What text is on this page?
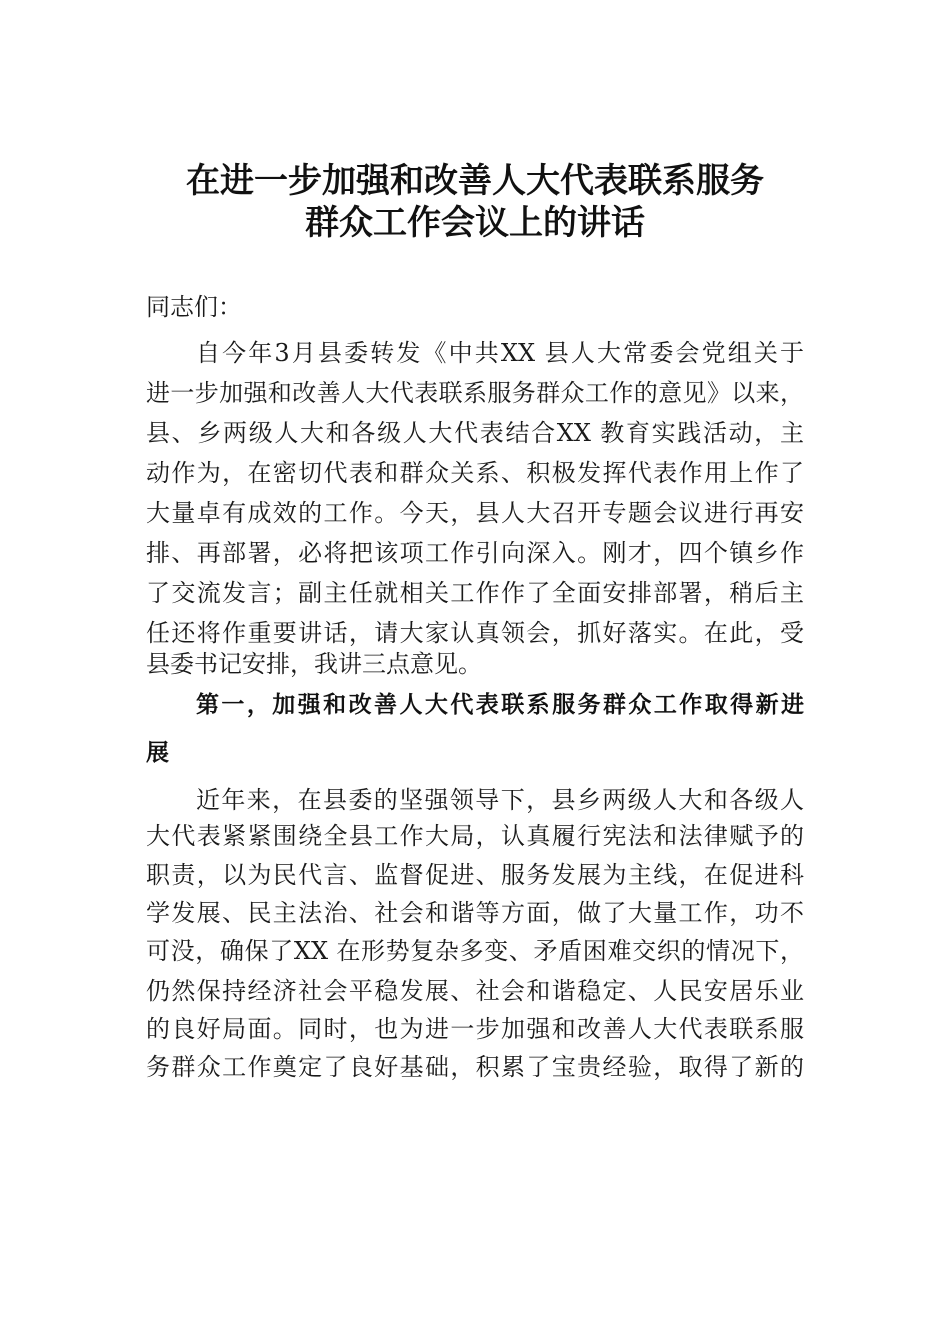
在进一步加强和改善人大代表联系服务
群众工作会议上的讲话
同志们：
自今年3月县委转发《中共XX 县人大常委会党组关于
进一步加强和改善人大代表联系服务群众工作的意见》以来，
县、乡两级人大和各级人大代表结合XX 教育实践活动，主
动作为，在密切代表和群众关系、积极发挥代表作用上作了
大量卓有成效的工作。今天，县人大召开专题会议进行再安
排、再部署，必将把该项工作引向深入。刚才，四个镇乡作
了交流发言；副主任就相关工作作了全面安排部署，稍后主
任还将作重要讲话，请大家认真领会，抓好落实。在此，受
县委书记安排，我讲三点意见。
第一，加强和改善人大代表联系服务群众工作取得新进
展
近年来，在县委的坚强领导下，县乡两级人大和各级人
大代表紧紧围绕全县工作大局，认真履行宪法和法律赋予的
职责，以为民代言、监督促进、服务发展为主线，在促进科
学发展、民主法治、社会和谐等方面，做了大量工作，功不
可没，确保了XX 在形势复杂多变、矛盾困难交织的情况下，
仍然保持经济社会平稳发展、社会和谐稳定、人民安居乐业
的良好局面。同时，也为进一步加强和改善人大代表联系服
务群众工作奠定了良好基础，积累了宝贵经验，取得了新的
